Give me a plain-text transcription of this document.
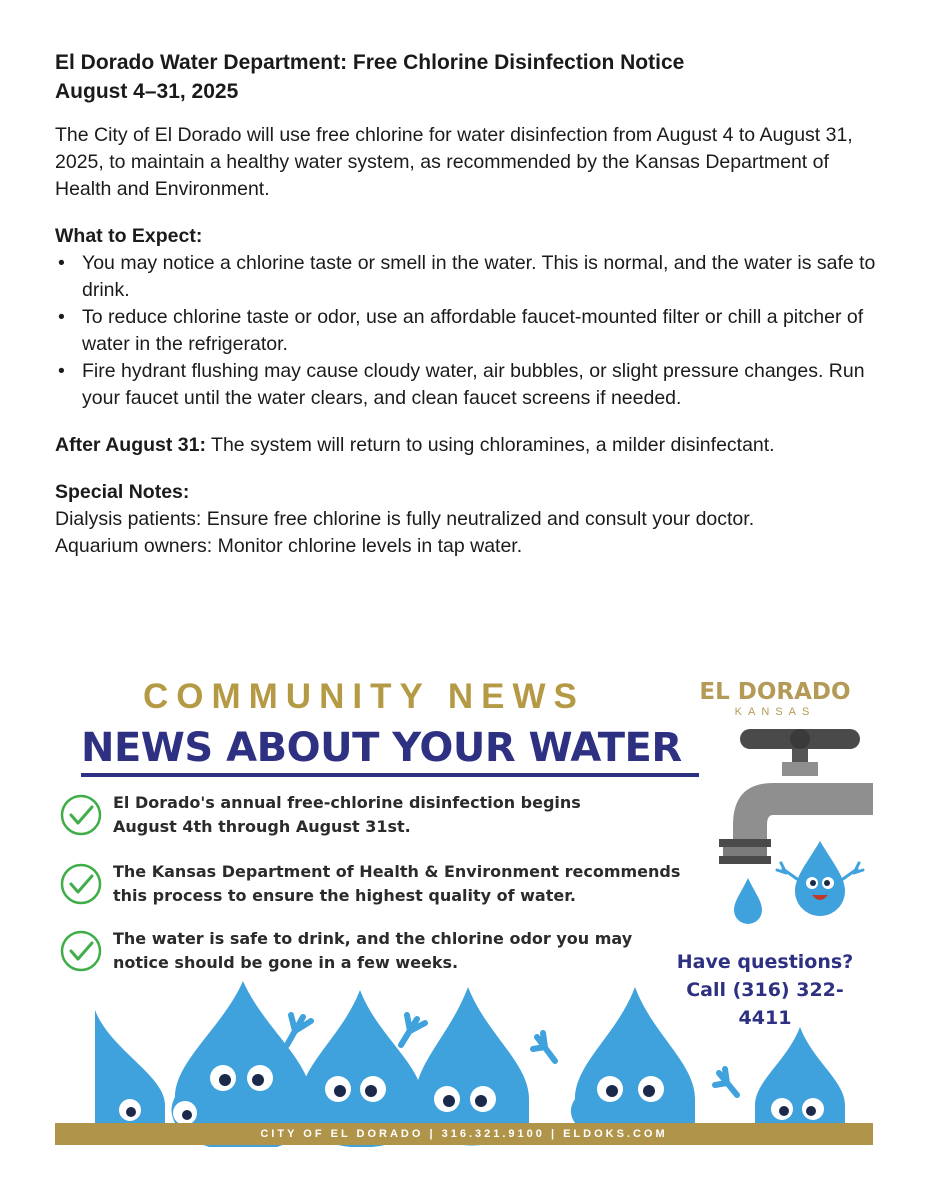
El Dorado Water Department: Free Chlorine Disinfection Notice
August 4–31, 2025

The City of El Dorado will use free chlorine for water disinfection from August 4 to August 31, 2025, to maintain a healthy water system, as recommended by the Kansas Department of Health and Environment.

What to Expect:

• You may notice a chlorine taste or smell in the water. This is normal, and the water is safe to drink.
• To reduce chlorine taste or odor, use an affordable faucet-mounted filter or chill a pitcher of water in the refrigerator.
• Fire hydrant flushing may cause cloudy water, air bubbles, or slight pressure changes. Run your faucet until the water clears, and clean faucet screens if needed.

After August 31: The system will return to using chloramines, a milder disinfectant.

Special Notes:

Dialysis patients: Ensure free chlorine is fully neutralized and consult your doctor.

Aquarium owners: Monitor chlorine levels in tap water.

COMMUNITY NEWS	EL DORADO
KANSAS
NEWS ABOUT YOUR WATER
El Dorado's annual free-chlorine disinfection begins
August 4th through August 31st.
The Kansas Department of Health & Environment recommends
this process to ensure the highest quality of water.
The water is safe to drink, and the chlorine odor you may
notice should be gone in a few weeks.	Have questions?
Call (316) 322-4411
CITY OF EL DORADO | 316.321.9100 | ELDOKS.COM
